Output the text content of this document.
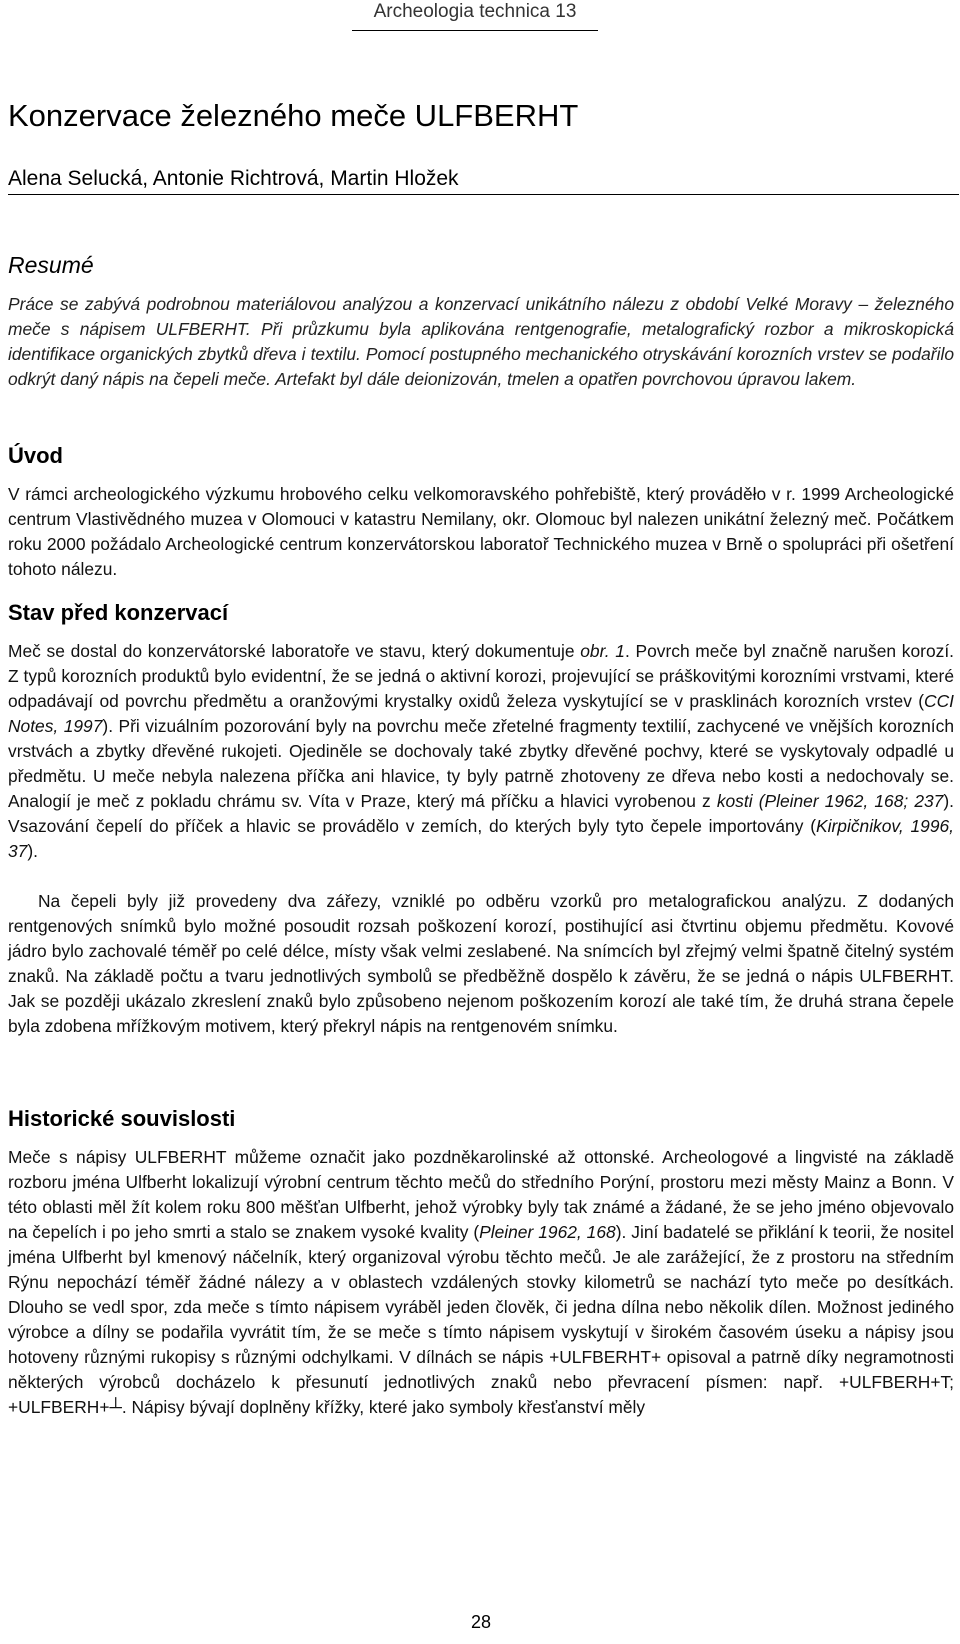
Archeologia technica 13
Konzervace železného meče ULFBERHT
Alena Selucká, Antonie Richtrová, Martin Hložek
Resumé

Práce se zabývá podrobnou materiálovou analýzou a konzervací unikátního nálezu z období Velké Moravy – železného meče s nápisem ULFBERHT. Při průzkumu byla aplikována rentgenografie, metalografický rozbor a mikroskopická identifikace organických zbytků dřeva i textilu. Pomocí postupného mechanického otryskávání korozních vrstev se podařilo odkrýt daný nápis na čepeli meče. Artefakt byl dále deionizován, tmelen a opatřen povrchovou úpravou lakem.

Úvod

V rámci archeologického výzkumu hrobového celku velkomoravského pohřebiště, který prováděło v r. 1999 Archeologické centrum Vlastivědného muzea v Olomouci v katastru Nemilany, okr. Olomouc byl nalezen unikátní železný meč. Počátkem roku 2000 požádalo Archeologické centrum konzervátorskou laboratoř Technického muzea v Brně o spolupráci při ošetření tohoto nálezu.

Stav před konzervací

Meč se dostal do konzervátorské laboratoře ve stavu, který dokumentuje obr. 1. Povrch meče byl značně narušen korozí. Z typů korozních produktů bylo evidentní, že se jedná o aktivní korozi, projevující se práškovitými korozními vrstvami, které odpadávají od povrchu předmětu a oranžovými krystalky oxidů železa vyskytující se v prasklinách korozních vrstev (CCI Notes, 1997). Při vizuálním pozorování byly na povrchu meče zřetelné fragmenty textilií, zachycené ve vnějších korozních vrstvách a zbytky dřevěné rukojeti. Ojediněle se dochovaly také zbytky dřevěné pochvy, které se vyskytovaly odpadlé u předmětu. U meče nebyla nalezena příčka ani hlavice, ty byly patrně zhotoveny ze dřeva nebo kosti a nedochovaly se. Analogií je meč z pokladu chrámu sv. Víta v Praze, který má příčku a hlavici vyrobenou z kosti (Pleiner 1962, 168; 237). Vsazování čepelí do příček a hlavic se provádělo v zemích, do kterých byly tyto čepele importovány (Kirpičnikov, 1996, 37).

Na čepeli byly již provedeny dva zářezy, vzniklé po odběru vzorků pro metalografickou analýzu. Z dodaných rentgenových snímků bylo možné posoudit rozsah poškození korozí, postihující asi čtvrtinu objemu předmětu. Kovové jádro bylo zachovalé téměř po celé délce, místy však velmi zeslabené. Na snímcích byl zřejmý velmi špatně čitelný systém znaků. Na základě počtu a tvaru jednotlivých symbolů se předběžně dospělo k závěru, že se jedná o nápis ULFBERHT. Jak se později ukázalo zkreslení znaků bylo způsobeno nejenom poškozením korozí ale také tím, že druhá strana čepele byla zdobena mřížkovým motivem, který překryl nápis na rentgenovém snímku.

Historické souvislosti

Meče s nápisy ULFBERHT můžeme označit jako pozdněkarolinské až ottonské. Archeologové a lingvisté na základě rozboru jména Ulfberht lokalizují výrobní centrum těchto mečů do středního Porýní, prostoru mezi městy Mainz a Bonn. V této oblasti měl žít kolem roku 800 měšťan Ulfberht, jehož výrobky byly tak známé a žádané, že se jeho jméno objevovalo na čepelích i po jeho smrti a stalo se znakem vysoké kvality (Pleiner 1962, 168). Jiní badatelé se přiklání k teorii, že nositel jména Ulfberht byl kmenový náčelník, který organizoval výrobu těchto mečů. Je ale zarážející, že z prostoru na středním Rýnu nepochází téměř žádné nálezy a v oblastech vzdálených stovky kilometrů se nachází tyto meče po desítkách. Dlouho se vedl spor, zda meče s tímto nápisem vyráběl jeden člověk, či jedna dílna nebo několik dílen. Možnost jediného výrobce a dílny se podařila vyvrátit tím, že se meče s tímto nápisem vyskytují v širokém časovém úseku a nápisy jsou hotoveny různými rukopisy s různými odchylkami. V dílnách se nápis +ULFBERHT+ opisoval a patrně díky negramotnosti některých výrobců docházelo k přesunutí jednotlivých znaků nebo převracení písmen: např. +ULFBERH+T; +ULFBERH+┴. Nápisy bývají doplněny křížky, které jako symboly křesťanství měly

28
